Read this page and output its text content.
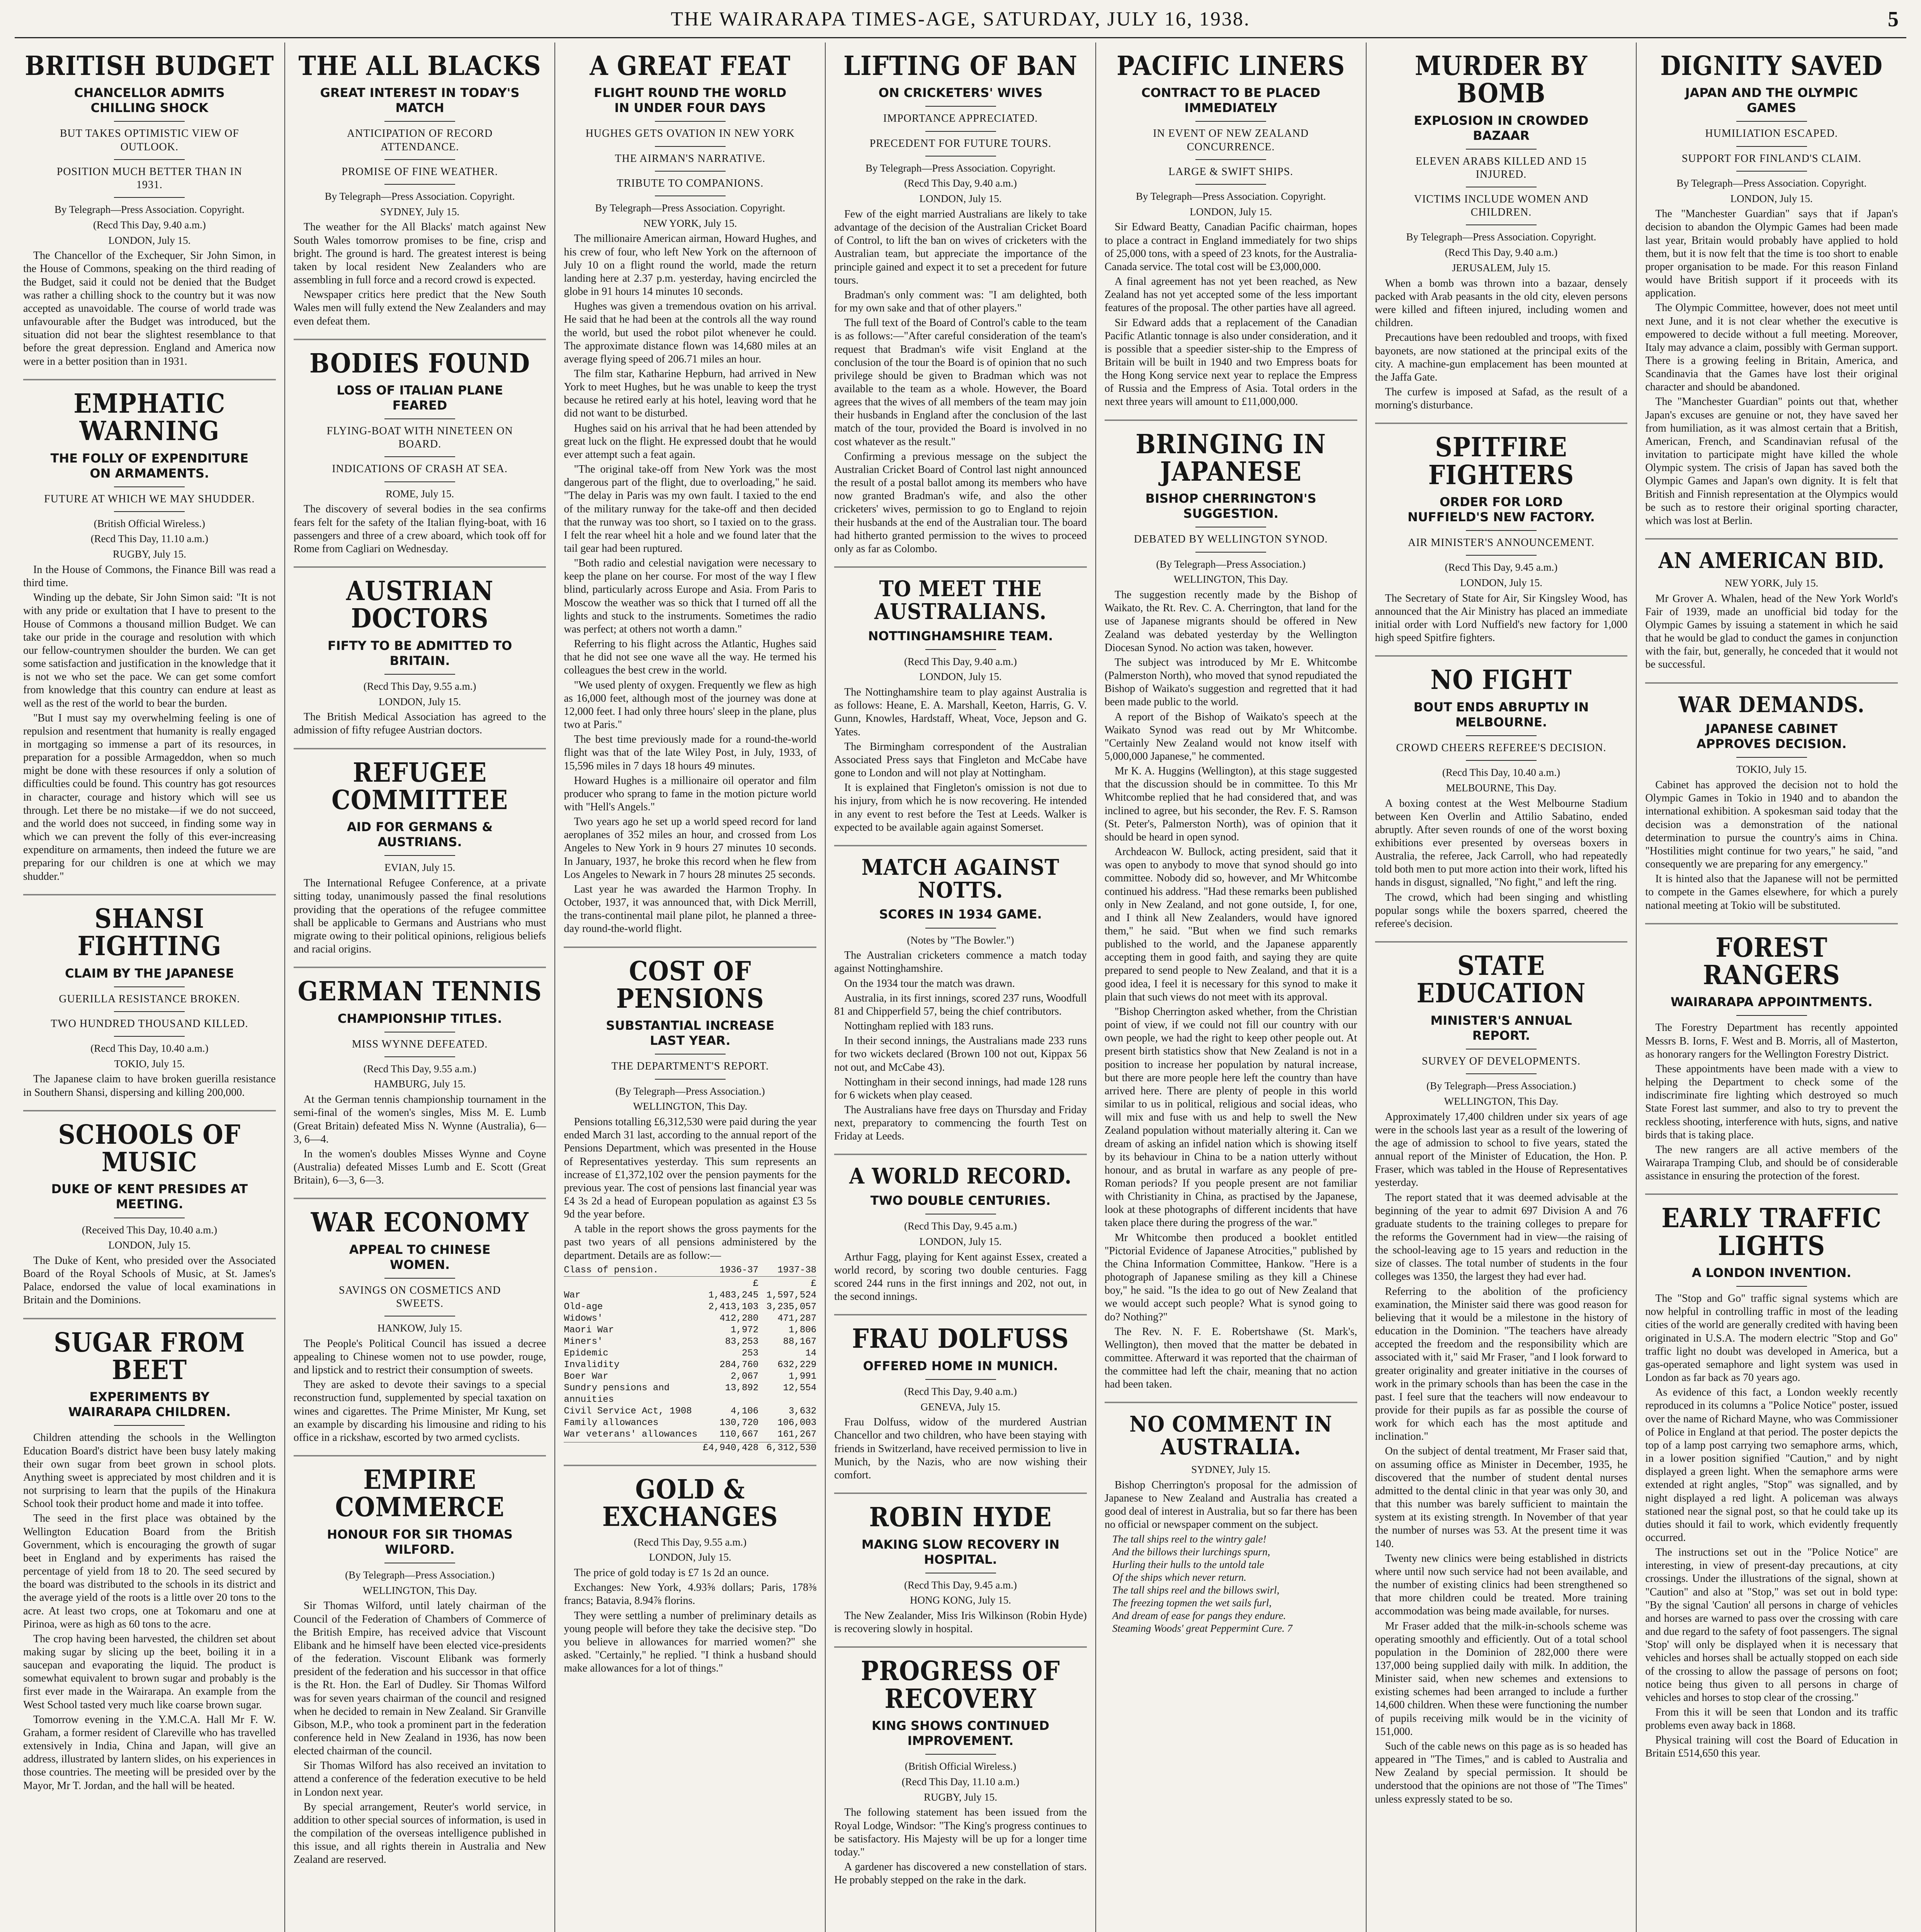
THE WAIRARAPA TIMES-AGE, SATURDAY, JULY 16, 1938.	5
BRITISH BUDGET
CHANCELLOR ADMITS CHILLING SHOCK
BUT TAKES OPTIMISTIC VIEW OF OUTLOOK.
POSITION MUCH BETTER THAN IN 1931.
By Telegraph—Press Association. Copyright.
(Recd This Day, 9.40 a.m.)
LONDON, July 15.

The Chancellor of the Exchequer, Sir John Simon, in the House of Commons, speaking on the third reading of the Budget, said it could not be denied that the Budget was rather a chilling shock to the country but it was now accepted as unavoidable. The course of world trade was unfavourable after the Budget was introduced, but the situation did not bear the slightest resemblance to that before the great depression. England and America now were in a better position than in 1931.

EMPHATIC WARNING
THE FOLLY OF EXPENDITURE ON ARMAMENTS.
FUTURE AT WHICH WE MAY SHUDDER.
(British Official Wireless.)
(Recd This Day, 11.10 a.m.)
RUGBY, July 15.

In the House of Commons, the Finance Bill was read a third time.

Winding up the debate, Sir John Simon said: "It is not with any pride or exultation that I have to present to the House of Commons a thousand million Budget. We can take our pride in the courage and resolution with which our fellow-countrymen shoulder the burden. We can get some satisfaction and justification in the knowledge that it is not we who set the pace. We can get some comfort from knowledge that this country can endure at least as well as the rest of the world to bear the burden.

"But I must say my overwhelming feeling is one of repulsion and resentment that humanity is really engaged in mortgaging so immense a part of its resources, in preparation for a possible Armageddon, when so much might be done with these resources if only a solution of difficulties could be found. This country has got resources in character, courage and history which will see us through. Let there be no mistake—if we do not succeed, and the world does not succeed, in finding some way in which we can prevent the folly of this ever-increasing expenditure on armaments, then indeed the future we are preparing for our children is one at which we may shudder."

SHANSI FIGHTING
CLAIM BY THE JAPANESE
GUERILLA RESISTANCE BROKEN.
TWO HUNDRED THOUSAND KILLED.
(Recd This Day, 10.40 a.m.)
TOKIO, July 15.

The Japanese claim to have broken guerilla resistance in Southern Shansi, dispersing and killing 200,000.

SCHOOLS OF MUSIC
DUKE OF KENT PRESIDES AT MEETING.
(Received This Day, 10.40 a.m.)
LONDON, July 15.

The Duke of Kent, who presided over the Associated Board of the Royal Schools of Music, at St. James's Palace, endorsed the value of local examinations in Britain and the Dominions.

SUGAR FROM BEET
EXPERIMENTS BY WAIRARAPA CHILDREN.

Children attending the schools in the Wellington Education Board's district have been busy lately making their own sugar from beet grown in school plots. Anything sweet is appreciated by most children and it is not surprising to learn that the pupils of the Hinakura School took their product home and made it into toffee.

The seed in the first place was obtained by the Wellington Education Board from the British Government, which is encouraging the growth of sugar beet in England and by experiments has raised the percentage of yield from 18 to 20. The seed secured by the board was distributed to the schools in its district and the average yield of the roots is a little over 20 tons to the acre. At least two crops, one at Tokomaru and one at Pirinoa, were as high as 60 tons to the acre.

The crop having been harvested, the children set about making sugar by slicing up the beet, boiling it in a saucepan and evaporating the liquid. The product is somewhat equivalent to brown sugar and probably is the first ever made in the Wairarapa. An example from the West School tasted very much like coarse brown sugar.

Tomorrow evening in the Y.M.C.A. Hall Mr F. W. Graham, a former resident of Clareville who has travelled extensively in India, China and Japan, will give an address, illustrated by lantern slides, on his experiences in those countries. The meeting will be presided over by the Mayor, Mr T. Jordan, and the hall will be heated.

THE ALL BLACKS
GREAT INTEREST IN TODAY'S MATCH
ANTICIPATION OF RECORD ATTENDANCE.
PROMISE OF FINE WEATHER.
By Telegraph—Press Association. Copyright.
SYDNEY, July 15.

The weather for the All Blacks' match against New South Wales tomorrow promises to be fine, crisp and bright. The ground is hard. The greatest interest is being taken by local resident New Zealanders who are assembling in full force and a record crowd is expected.

Newspaper critics here predict that the New South Wales men will fully extend the New Zealanders and may even defeat them.

BODIES FOUND
LOSS OF ITALIAN PLANE FEARED
FLYING-BOAT WITH NINETEEN ON BOARD.
INDICATIONS OF CRASH AT SEA.
ROME, July 15.

The discovery of several bodies in the sea confirms fears felt for the safety of the Italian flying-boat, with 16 passengers and three of a crew aboard, which took off for Rome from Cagliari on Wednesday.

AUSTRIAN DOCTORS
FIFTY TO BE ADMITTED TO BRITAIN.
(Recd This Day, 9.55 a.m.)
LONDON, July 15.

The British Medical Association has agreed to the admission of fifty refugee Austrian doctors.

REFUGEE COMMITTEE
AID FOR GERMANS & AUSTRIANS.
EVIAN, July 15.

The International Refugee Conference, at a private sitting today, unanimously passed the final resolutions providing that the operations of the refugee committee shall be applicable to Germans and Austrians who must migrate owing to their political opinions, religious beliefs and racial origins.

GERMAN TENNIS
CHAMPIONSHIP TITLES.
MISS WYNNE DEFEATED.
(Recd This Day, 9.55 a.m.)
HAMBURG, July 15.

At the German tennis championship tournament in the semi-final of the women's singles, Miss M. E. Lumb (Great Britain) defeated Miss N. Wynne (Australia), 6—3, 6—4.

In the women's doubles Misses Wynne and Coyne (Australia) defeated Misses Lumb and E. Scott (Great Britain), 6—3, 6—3.

WAR ECONOMY
APPEAL TO CHINESE WOMEN.
SAVINGS ON COSMETICS AND SWEETS.
HANKOW, July 15.

The People's Political Council has issued a decree appealing to Chinese women not to use powder, rouge, and lipstick and to restrict their consumption of sweets.

They are asked to devote their savings to a special reconstruction fund, supplemented by special taxation on wines and cigarettes. The Prime Minister, Mr Kung, set an example by discarding his limousine and riding to his office in a rickshaw, escorted by two armed cyclists.

EMPIRE COMMERCE
HONOUR FOR SIR THOMAS WILFORD.
(By Telegraph—Press Association.)
WELLINGTON, This Day.

Sir Thomas Wilford, until lately chairman of the Council of the Federation of Chambers of Commerce of the British Empire, has received advice that Viscount Elibank and he himself have been elected vice-presidents of the federation. Viscount Elibank was formerly president of the federation and his successor in that office is the Rt. Hon. the Earl of Dudley. Sir Thomas Wilford was for seven years chairman of the council and resigned when he decided to remain in New Zealand. Sir Granville Gibson, M.P., who took a prominent part in the federation conference held in New Zealand in 1936, has now been elected chairman of the council.

Sir Thomas Wilford has also received an invitation to attend a conference of the federation executive to be held in London next year.

By special arrangement, Reuter's world service, in addition to other special sources of information, is used in the compilation of the overseas intelligence published in this issue, and all rights therein in Australia and New Zealand are reserved.

A GREAT FEAT
FLIGHT ROUND THE WORLD IN UNDER FOUR DAYS
HUGHES GETS OVATION IN NEW YORK
THE AIRMAN'S NARRATIVE.
TRIBUTE TO COMPANIONS.
By Telegraph—Press Association. Copyright.
NEW YORK, July 15.

The millionaire American airman, Howard Hughes, and his crew of four, who left New York on the afternoon of July 10 on a flight round the world, made the return landing here at 2.37 p.m. yesterday, having encircled the globe in 91 hours 14 minutes 10 seconds.

Hughes was given a tremendous ovation on his arrival. He said that he had been at the controls all the way round the world, but used the robot pilot whenever he could. The approximate distance flown was 14,680 miles at an average flying speed of 206.71 miles an hour.

The film star, Katharine Hepburn, had arrived in New York to meet Hughes, but he was unable to keep the tryst because he retired early at his hotel, leaving word that he did not want to be disturbed.

Hughes said on his arrival that he had been attended by great luck on the flight. He expressed doubt that he would ever attempt such a feat again.

"The original take-off from New York was the most dangerous part of the flight, due to overloading," he said. "The delay in Paris was my own fault. I taxied to the end of the military runway for the take-off and then decided that the runway was too short, so I taxied on to the grass. I felt the rear wheel hit a hole and we found later that the tail gear had been ruptured.

"Both radio and celestial navigation were necessary to keep the plane on her course. For most of the way I flew blind, particularly across Europe and Asia. From Paris to Moscow the weather was so thick that I turned off all the lights and stuck to the instruments. Sometimes the radio was perfect; at others not worth a damn."

Referring to his flight across the Atlantic, Hughes said that he did not see one wave all the way. He termed his colleagues the best crew in the world.

"We used plenty of oxygen. Frequently we flew as high as 16,000 feet, although most of the journey was done at 12,000 feet. I had only three hours' sleep in the plane, plus two at Paris."

The best time previously made for a round-the-world flight was that of the late Wiley Post, in July, 1933, of 15,596 miles in 7 days 18 hours 49 minutes.

Howard Hughes is a millionaire oil operator and film producer who sprang to fame in the motion picture world with "Hell's Angels."

Two years ago he set up a world speed record for land aeroplanes of 352 miles an hour, and crossed from Los Angeles to New York in 9 hours 27 minutes 10 seconds. In January, 1937, he broke this record when he flew from Los Angeles to Newark in 7 hours 28 minutes 25 seconds.

Last year he was awarded the Harmon Trophy. In October, 1937, it was announced that, with Dick Merrill, the trans-continental mail plane pilot, he planned a three-day round-the-world flight.

COST OF PENSIONS
SUBSTANTIAL INCREASE LAST YEAR.
THE DEPARTMENT'S REPORT.
(By Telegraph—Press Association.)
WELLINGTON, This Day.

Pensions totalling £6,312,530 were paid during the year ended March 31 last, according to the annual report of the Pensions Department, which was presented in the House of Representatives yesterday. This sum represents an increase of £1,372,102 over the pension payments for the previous year. The cost of pensions last financial year was £4 3s 2d a head of European population as against £3 5s 9d the year before.

A table in the report shows the gross payments for the past two years of all pensions administered by the department. Details are as follow:—

Class of pension.	1936-37	1937-38
£	£
War	1,483,245 1,597,524
Old-age	2,413,103 3,235,057
Widows'	412,280	471,287
Maori War	1,972	1,806
Miners'	83,253	88,167
Epidemic	253	14
Invalidity	284,760	632,229
Boer War	2,067	1,991
Sundry pensions and annuities
13,892	12,554
Civil Service Act, 1908	4,106	3,632
Family allowances	130,720	106,003
War veterans' allowances	110,667	161,267
£4,940,428 6,312,530
GOLD & EXCHANGES
(Recd This Day, 9.55 a.m.)
LONDON, July 15.

The price of gold today is £7 1s 2d an ounce.

Exchanges: New York, 4.93⅝ dollars; Paris, 178⅜ francs; Batavia, 8.94⅞ florins.

They were settling a number of preliminary details as young people will before they take the decisive step. "Do you believe in allowances for married women?" she asked. "Certainly," he replied. "I think a husband should make allowances for a lot of things."

LIFTING OF BAN
ON CRICKETERS' WIVES
IMPORTANCE APPRECIATED.
PRECEDENT FOR FUTURE TOURS.
By Telegraph—Press Association. Copyright.
(Recd This Day, 9.40 a.m.)
LONDON, July 15.

Few of the eight married Australians are likely to take advantage of the decision of the Australian Cricket Board of Control, to lift the ban on wives of cricketers with the Australian team, but appreciate the importance of the principle gained and expect it to set a precedent for future tours.

Bradman's only comment was: "I am delighted, both for my own sake and that of other players."

The full text of the Board of Control's cable to the team is as follows:—"After careful consideration of the team's request that Bradman's wife visit England at the conclusion of the tour the Board is of opinion that no such privilege should be given to Bradman which was not available to the team as a whole. However, the Board agrees that the wives of all members of the team may join their husbands in England after the conclusion of the last match of the tour, provided the Board is involved in no cost whatever as the result."

Confirming a previous message on the subject the Australian Cricket Board of Control last night announced the result of a postal ballot among its members who have now granted Bradman's wife, and also the other cricketers' wives, permission to go to England to rejoin their husbands at the end of the Australian tour. The board had hitherto granted permission to the wives to proceed only as far as Colombo.

TO MEET THE AUSTRALIANS.
NOTTINGHAMSHIRE TEAM.
(Recd This Day, 9.40 a.m.)
LONDON, July 15.

The Nottinghamshire team to play against Australia is as follows: Heane, E. A. Marshall, Keeton, Harris, G. V. Gunn, Knowles, Hardstaff, Wheat, Voce, Jepson and G. Yates.

The Birmingham correspondent of the Australian Associated Press says that Fingleton and McCabe have gone to London and will not play at Nottingham.

It is explained that Fingleton's omission is not due to his injury, from which he is now recovering. He intended in any event to rest before the Test at Leeds. Walker is expected to be available again against Somerset.

MATCH AGAINST NOTTS.
SCORES IN 1934 GAME.
(Notes by "The Bowler.")

The Australian cricketers commence a match today against Nottinghamshire.

On the 1934 tour the match was drawn.

Australia, in its first innings, scored 237 runs, Woodfull 81 and Chipperfield 57, being the chief contributors.

Nottingham replied with 183 runs.

In their second innings, the Australians made 233 runs for two wickets declared (Brown 100 not out, Kippax 56 not out, and McCabe 43).

Nottingham in their second innings, had made 128 runs for 6 wickets when play ceased.

The Australians have free days on Thursday and Friday next, preparatory to commencing the fourth Test on Friday at Leeds.

A WORLD RECORD.
TWO DOUBLE CENTURIES.
(Recd This Day, 9.45 a.m.)
LONDON, July 15.

Arthur Fagg, playing for Kent against Essex, created a world record, by scoring two double centuries. Fagg scored 244 runs in the first innings and 202, not out, in the second innings.

FRAU DOLFUSS
OFFERED HOME IN MUNICH.
(Recd This Day, 9.40 a.m.)
GENEVA, July 15.

Frau Dolfuss, widow of the murdered Austrian Chancellor and two children, who have been staying with friends in Switzerland, have received permission to live in Munich, by the Nazis, who are now wishing their comfort.

ROBIN HYDE
MAKING SLOW RECOVERY IN HOSPITAL.
(Recd This Day, 9.45 a.m.)
HONG KONG, July 15.

The New Zealander, Miss Iris Wilkinson (Robin Hyde) is recovering slowly in hospital.

PROGRESS OF RECOVERY
KING SHOWS CONTINUED IMPROVEMENT.
(British Official Wireless.)
(Recd This Day, 11.10 a.m.)
RUGBY, July 15.

The following statement has been issued from the Royal Lodge, Windsor: "The King's progress continues to be satisfactory. His Majesty will be up for a longer time today."

A gardener has discovered a new constellation of stars. He probably stepped on the rake in the dark.

PACIFIC LINERS
CONTRACT TO BE PLACED IMMEDIATELY
IN EVENT OF NEW ZEALAND CONCURRENCE.
LARGE & SWIFT SHIPS.
By Telegraph—Press Association. Copyright.
LONDON, July 15.

Sir Edward Beatty, Canadian Pacific chairman, hopes to place a contract in England immediately for two ships of 25,000 tons, with a speed of 23 knots, for the Australia-Canada service. The total cost will be £3,000,000.

A final agreement has not yet been reached, as New Zealand has not yet accepted some of the less important features of the proposal. The other parties have all agreed.

Sir Edward adds that a replacement of the Canadian Pacific Atlantic tonnage is also under consideration, and it is possible that a speedier sister-ship to the Empress of Britain will be built in 1940 and two Empress boats for the Hong Kong service next year to replace the Empress of Russia and the Empress of Asia. Total orders in the next three years will amount to £11,000,000.

BRINGING IN JAPANESE
BISHOP CHERRINGTON'S SUGGESTION.
DEBATED BY WELLINGTON SYNOD.
(By Telegraph—Press Association.)
WELLINGTON, This Day.

The suggestion recently made by the Bishop of Waikato, the Rt. Rev. C. A. Cherrington, that land for the use of Japanese migrants should be offered in New Zealand was debated yesterday by the Wellington Diocesan Synod. No action was taken, however.

The subject was introduced by Mr E. Whitcombe (Palmerston North), who moved that synod repudiated the Bishop of Waikato's suggestion and regretted that it had been made public to the world.

A report of the Bishop of Waikato's speech at the Waikato Synod was read out by Mr Whitcombe. "Certainly New Zealand would not know itself with 5,000,000 Japanese," he commented.

Mr K. A. Huggins (Wellington), at this stage suggested that the discussion should be in committee. To this Mr Whitcombe replied that he had considered that, and was inclined to agree, but his seconder, the Rev. F. S. Ramson (St. Peter's, Palmerston North), was of opinion that it should be heard in open synod.

Archdeacon W. Bullock, acting president, said that it was open to anybody to move that synod should go into committee. Nobody did so, however, and Mr Whitcombe continued his address. "Had these remarks been published only in New Zealand, and not gone outside, I, for one, and I think all New Zealanders, would have ignored them," he said. "But when we find such remarks published to the world, and the Japanese apparently accepting them in good faith, and saying they are quite prepared to send people to New Zealand, and that it is a good idea, I feel it is necessary for this synod to make it plain that such views do not meet with its approval.

"Bishop Cherrington asked whether, from the Christian point of view, if we could not fill our country with our own people, we had the right to keep other people out. At present birth statistics show that New Zealand is not in a position to increase her population by natural increase, but there are more people here left the country than have arrived here. There are plenty of people in this world similar to us in political, religious and social ideas, who will mix and fuse with us and help to swell the New Zealand population without materially altering it. Can we dream of asking an infidel nation which is showing itself by its behaviour in China to be a nation utterly without honour, and as brutal in warfare as any people of pre-Roman periods? If you people present are not familiar with Christianity in China, as practised by the Japanese, look at these photographs of different incidents that have taken place there during the progress of the war."

Mr Whitcombe then produced a booklet entitled "Pictorial Evidence of Japanese Atrocities," published by the China Information Committee, Hankow. "Here is a photograph of Japanese smiling as they kill a Chinese boy," he said. "Is the idea to go out of New Zealand that we would accept such people? What is synod going to do? Nothing?"

The Rev. N. F. E. Robertshawe (St. Mark's, Wellington), then moved that the matter be debated in committee. Afterward it was reported that the chairman of the committee had left the chair, meaning that no action had been taken.

NO COMMENT IN AUSTRALIA.
SYDNEY, July 15.

Bishop Cherrington's proposal for the admission of Japanese to New Zealand and Australia has created a good deal of interest in Australia, but so far there has been no official or newspaper comment on the subject.

The tall ships reel to the wintry gale!

And the billows their lurchings spurn,

Hurling their hulls to the untold tale

Of the ships which never return.

The tall ships reel and the billows swirl,

The freezing topmen the wet sails furl,

And dream of ease for pangs they endure.

Steaming Woods' great Peppermint Cure. 7

MURDER BY BOMB
EXPLOSION IN CROWDED BAZAAR
ELEVEN ARABS KILLED AND 15 INJURED.
VICTIMS INCLUDE WOMEN AND CHILDREN.
By Telegraph—Press Association. Copyright.
(Recd This Day, 9.40 a.m.)
JERUSALEM, July 15.

When a bomb was thrown into a bazaar, densely packed with Arab peasants in the old city, eleven persons were killed and fifteen injured, including women and children.

Precautions have been redoubled and troops, with fixed bayonets, are now stationed at the principal exits of the city. A machine-gun emplacement has been mounted at the Jaffa Gate.

The curfew is imposed at Safad, as the result of a morning's disturbance.

SPITFIRE FIGHTERS
ORDER FOR LORD NUFFIELD'S NEW FACTORY.
AIR MINISTER'S ANNOUNCEMENT.
(Recd This Day, 9.45 a.m.)
LONDON, July 15.

The Secretary of State for Air, Sir Kingsley Wood, has announced that the Air Ministry has placed an immediate initial order with Lord Nuffield's new factory for 1,000 high speed Spitfire fighters.

NO FIGHT
BOUT ENDS ABRUPTLY IN MELBOURNE.
CROWD CHEERS REFEREE'S DECISION.
(Recd This Day, 10.40 a.m.)
MELBOURNE, This Day.

A boxing contest at the West Melbourne Stadium between Ken Overlin and Attilio Sabatino, ended abruptly. After seven rounds of one of the worst boxing exhibitions ever presented by overseas boxers in Australia, the referee, Jack Carroll, who had repeatedly told both men to put more action into their work, lifted his hands in disgust, signalled, "No fight," and left the ring.

The crowd, which had been singing and whistling popular songs while the boxers sparred, cheered the referee's decision.

STATE EDUCATION
MINISTER'S ANNUAL REPORT.
SURVEY OF DEVELOPMENTS.
(By Telegraph—Press Association.)
WELLINGTON, This Day.

Approximately 17,400 children under six years of age were in the schools last year as a result of the lowering of the age of admission to school to five years, stated the annual report of the Minister of Education, the Hon. P. Fraser, which was tabled in the House of Representatives yesterday.

The report stated that it was deemed advisable at the beginning of the year to admit 697 Division A and 76 graduate students to the training colleges to prepare for the reforms the Government had in view—the raising of the school-leaving age to 15 years and reduction in the size of classes. The total number of students in the four colleges was 1350, the largest they had ever had.

Referring to the abolition of the proficiency examination, the Minister said there was good reason for believing that it would be a milestone in the history of education in the Dominion. "The teachers have already accepted the freedom and the responsibility which are associated with it," said Mr Fraser, "and I look forward to greater originality and greater initiative in the courses of work in the primary schools than has been the case in the past. I feel sure that the teachers will now endeavour to provide for their pupils as far as possible the course of work for which each has the most aptitude and inclination."

On the subject of dental treatment, Mr Fraser said that, on assuming office as Minister in December, 1935, he discovered that the number of student dental nurses admitted to the dental clinic in that year was only 30, and that this number was barely sufficient to maintain the system at its existing strength. In November of that year the number of nurses was 53. At the present time it was 140.

Twenty new clinics were being established in districts where until now such service had not been available, and the number of existing clinics had been strengthened so that more children could be treated. More training accommodation was being made available, for nurses.

Mr Fraser added that the milk-in-schools scheme was operating smoothly and efficiently. Out of a total school population in the Dominion of 282,000 there were 137,000 being supplied daily with milk. In addition, the Minister said, when new schemes and extensions to existing schemes had been arranged to include a further 14,600 children. When these were functioning the number of pupils receiving milk would be in the vicinity of 151,000.

Such of the cable news on this page as is so headed has appeared in "The Times," and is cabled to Australia and New Zealand by special permission. It should be understood that the opinions are not those of "The Times" unless expressly stated to be so.

DIGNITY SAVED
JAPAN AND THE OLYMPIC GAMES
HUMILIATION ESCAPED.
SUPPORT FOR FINLAND'S CLAIM.
By Telegraph—Press Association. Copyright.
LONDON, July 15.

The "Manchester Guardian" says that if Japan's decision to abandon the Olympic Games had been made last year, Britain would probably have applied to hold them, but it is now felt that the time is too short to enable proper organisation to be made. For this reason Finland would have British support if it proceeds with its application.

The Olympic Committee, however, does not meet until next June, and it is not clear whether the executive is empowered to decide without a full meeting. Moreover, Italy may advance a claim, possibly with German support. There is a growing feeling in Britain, America, and Scandinavia that the Games have lost their original character and should be abandoned.

The "Manchester Guardian" points out that, whether Japan's excuses are genuine or not, they have saved her from humiliation, as it was almost certain that a British, American, French, and Scandinavian refusal of the invitation to participate might have killed the whole Olympic system. The crisis of Japan has saved both the Olympic Games and Japan's own dignity. It is felt that British and Finnish representation at the Olympics would be such as to restore their original sporting character, which was lost at Berlin.

AN AMERICAN BID.
NEW YORK, July 15.

Mr Grover A. Whalen, head of the New York World's Fair of 1939, made an unofficial bid today for the Olympic Games by issuing a statement in which he said that he would be glad to conduct the games in conjunction with the fair, but, generally, he conceded that it would not be successful.

WAR DEMANDS.
JAPANESE CABINET APPROVES DECISION.
TOKIO, July 15.

Cabinet has approved the decision not to hold the Olympic Games in Tokio in 1940 and to abandon the international exhibition. A spokesman said today that the decision was a demonstration of the national determination to pursue the country's aims in China. "Hostilities might continue for two years," he said, "and consequently we are preparing for any emergency."

It is hinted also that the Japanese will not be permitted to compete in the Games elsewhere, for which a purely national meeting at Tokio will be substituted.

FOREST RANGERS
WAIRARAPA APPOINTMENTS.

The Forestry Department has recently appointed Messrs B. Iorns, F. West and B. Morris, all of Masterton, as honorary rangers for the Wellington Forestry District.

These appointments have been made with a view to helping the Department to check some of the indiscriminate fire lighting which destroyed so much State Forest last summer, and also to try to prevent the reckless shooting, interference with huts, signs, and native birds that is taking place.

The new rangers are all active members of the Wairarapa Tramping Club, and should be of considerable assistance in ensuring the protection of the forest.

EARLY TRAFFIC LIGHTS
A LONDON INVENTION.

The "Stop and Go" traffic signal systems which are now helpful in controlling traffic in most of the leading cities of the world are generally credited with having been originated in U.S.A. The modern electric "Stop and Go" traffic light no doubt was developed in America, but a gas-operated semaphore and light system was used in London as far back as 70 years ago.

As evidence of this fact, a London weekly recently reproduced in its columns a "Police Notice" poster, issued over the name of Richard Mayne, who was Commissioner of Police in England at that period. The poster depicts the top of a lamp post carrying two semaphore arms, which, in a lower position signified "Caution," and by night displayed a green light. When the semaphore arms were extended at right angles, "Stop" was signalled, and by night displayed a red light. A policeman was always stationed near the signal post, so that he could take up its duties should it fail to work, which evidently frequently occurred.

The instructions set out in the "Police Notice" are interesting, in view of present-day precautions, at city crossings. Under the illustrations of the signal, shown at "Caution" and also at "Stop," was set out in bold type: "By the signal 'Caution' all persons in charge of vehicles and horses are warned to pass over the crossing with care and due regard to the safety of foot passengers. The signal 'Stop' will only be displayed when it is necessary that vehicles and horses shall be actually stopped on each side of the crossing to allow the passage of persons on foot; notice being thus given to all persons in charge of vehicles and horses to stop clear of the crossing."

From this it will be seen that London and its traffic problems even away back in 1868.

Physical training will cost the Board of Education in Britain £514,650 this year.
